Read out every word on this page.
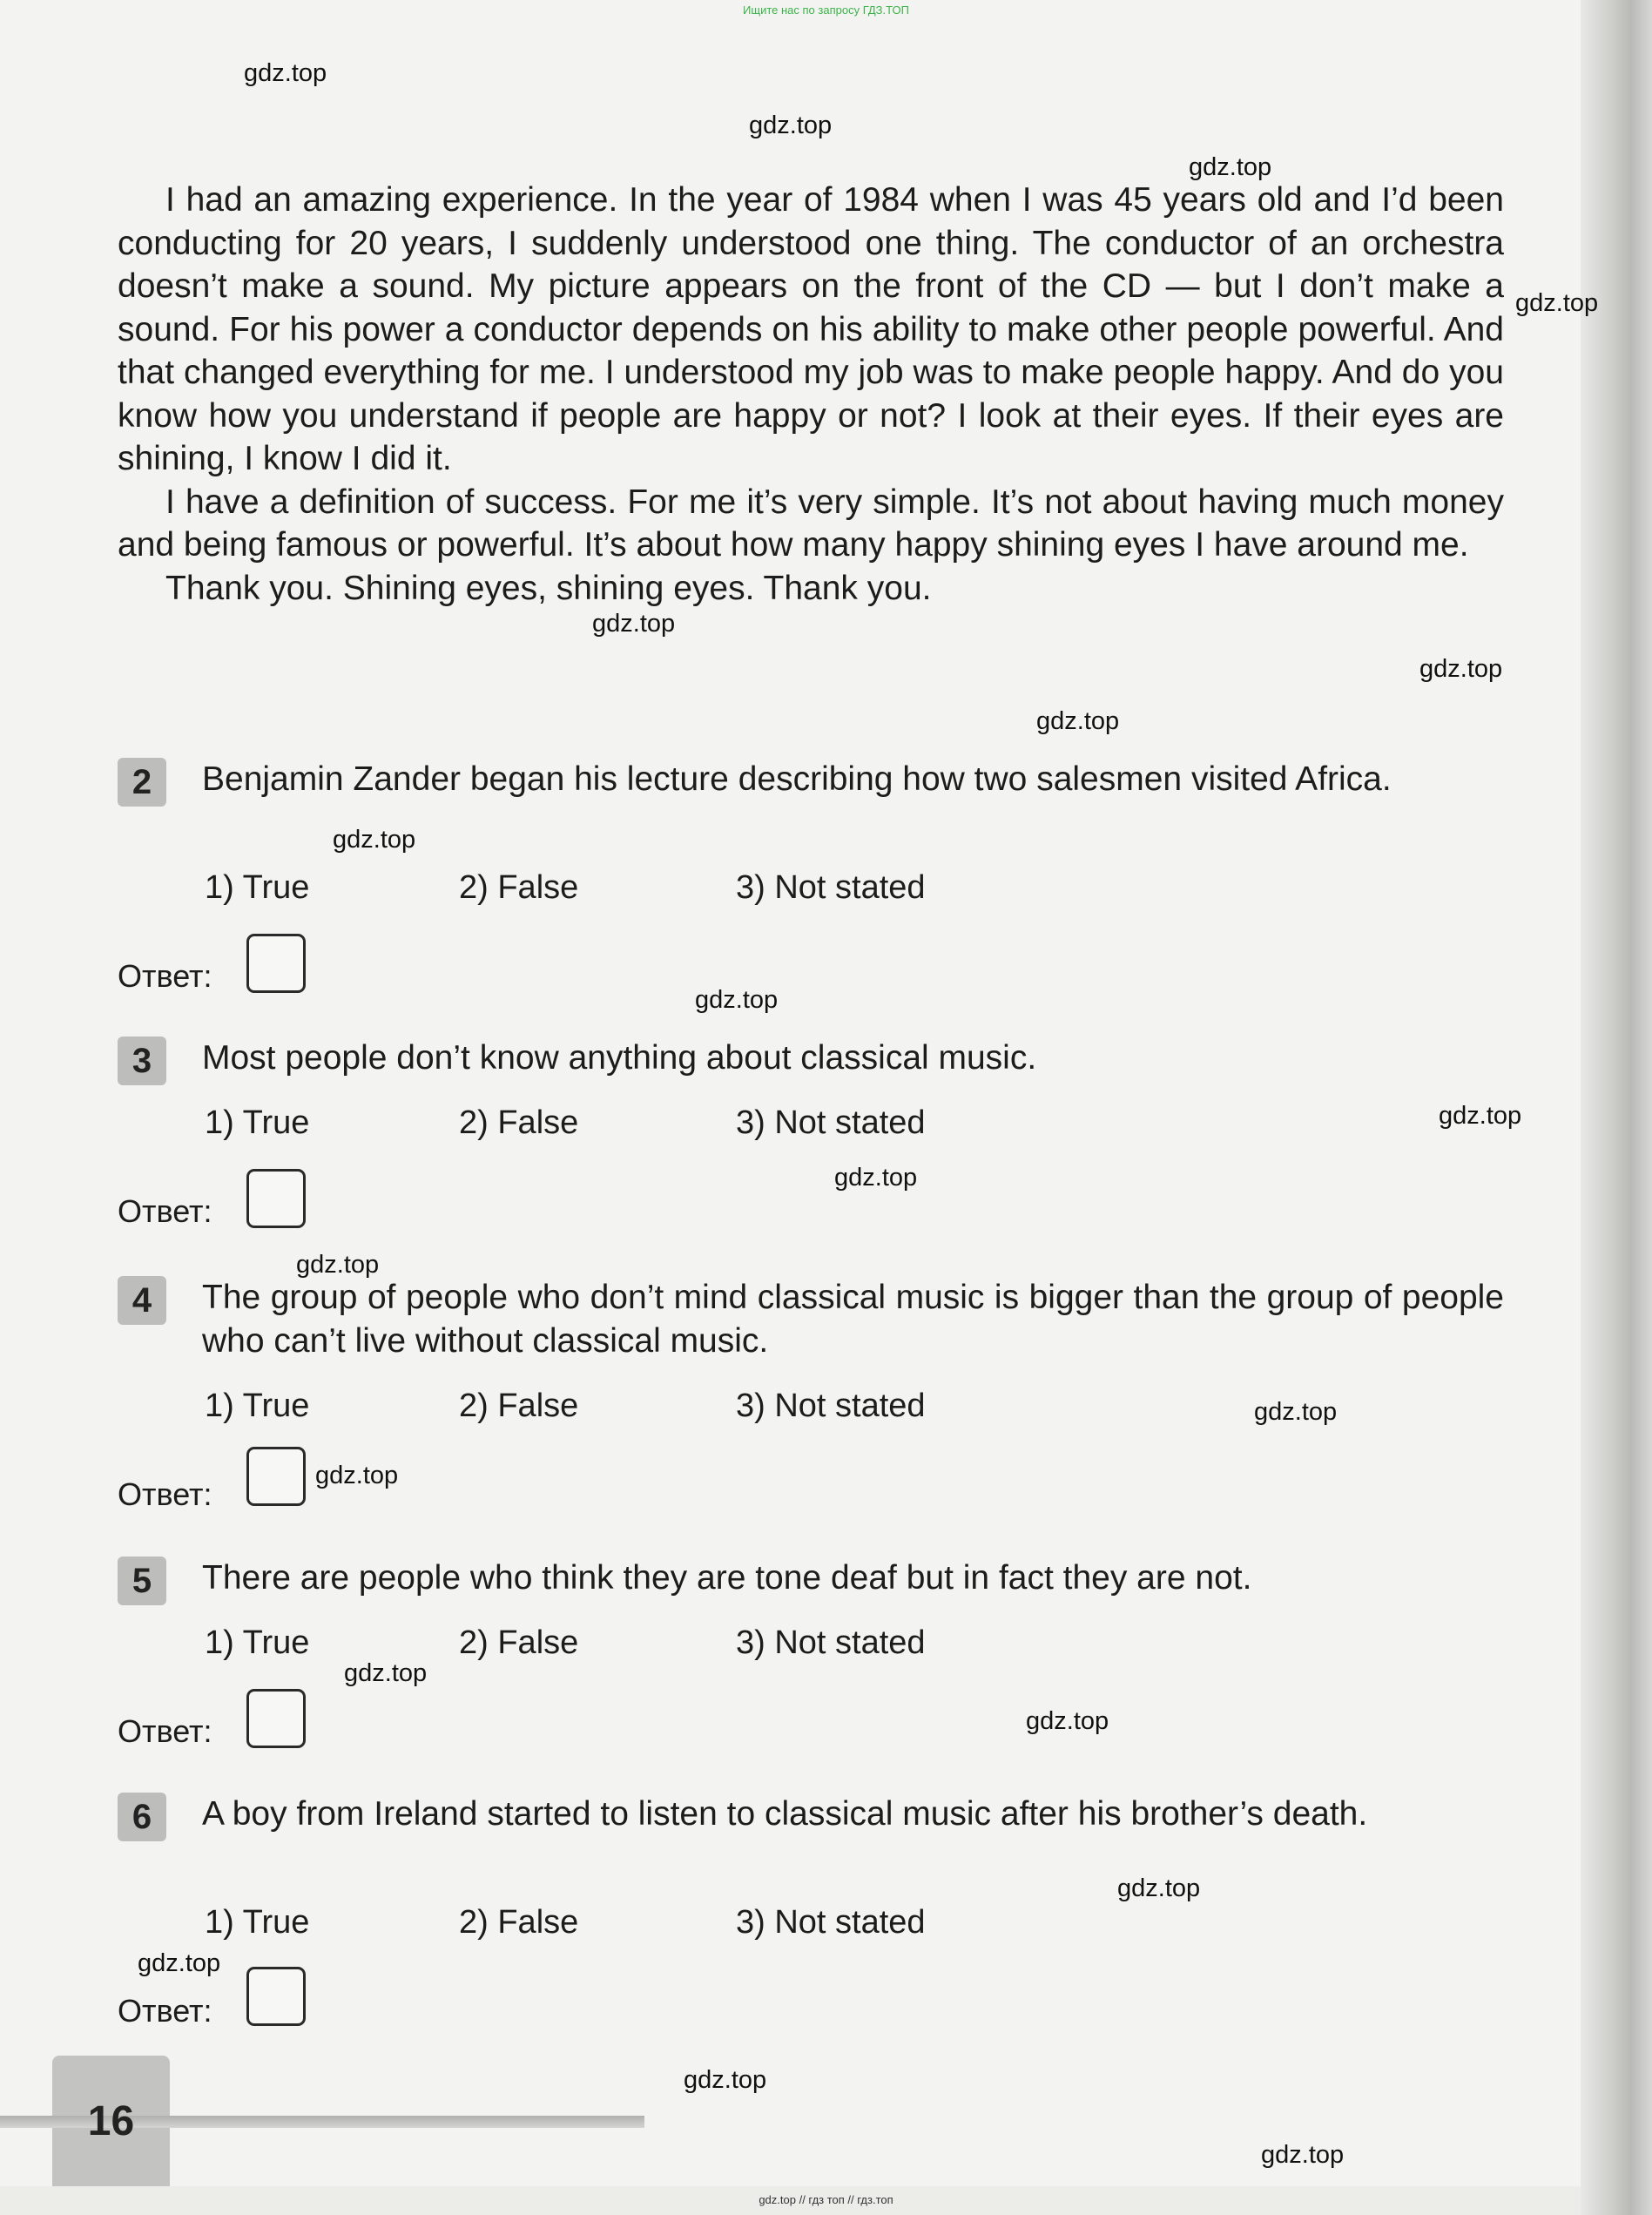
Ищите нас по запросу ГДЗ.ТОП
gdz.top
gdz.top
gdz.top
gdz.top
gdz.top
gdz.top
gdz.top
gdz.top
gdz.top
gdz.top
gdz.top
gdz.top
gdz.top
gdz.top
gdz.top
gdz.top
gdz.top
gdz.top
gdz.top
gdz.top

I had an amazing experience. In the year of 1984 when I was 45 years old and I’d been conducting for 20 years, I suddenly understood one thing. The conductor of an orchestra doesn’t make a sound. My picture appears on the front of the CD — but I don’t make a sound. For his power a conductor depends on his ability to make other people powerful. And that changed everything for me. I understood my job was to make people happy. And do you know how you understand if people are happy or not? I look at their eyes. If their eyes are shining, I know I did it.

I have a definition of success. For me it’s very simple. It’s not about having much money and being famous or powerful. It’s about how many happy shining eyes I have around me.

Thank you. Shining eyes, shining eyes. Thank you.

2	Benjamin Zander began his lecture describing how two salesmen visited Africa.
1) True	2) False	3) Not stated
Ответ:
3	Most people don’t know anything about classical music.
1) True	2) False	3) Not stated
Ответ:
4	The group of people who don’t mind classical music is bigger than the group of people who can’t live without classical music.
1) True	2) False	3) Not stated
Ответ:
5	There are people who think they are tone deaf but in fact they are not.
1) True	2) False	3) Not stated
Ответ:
6	A boy from Ireland started to listen to classical music after his brother’s death.
1) True	2) False	3) Not stated
Ответ:
16
gdz.top // гдз топ // гдз.топ
